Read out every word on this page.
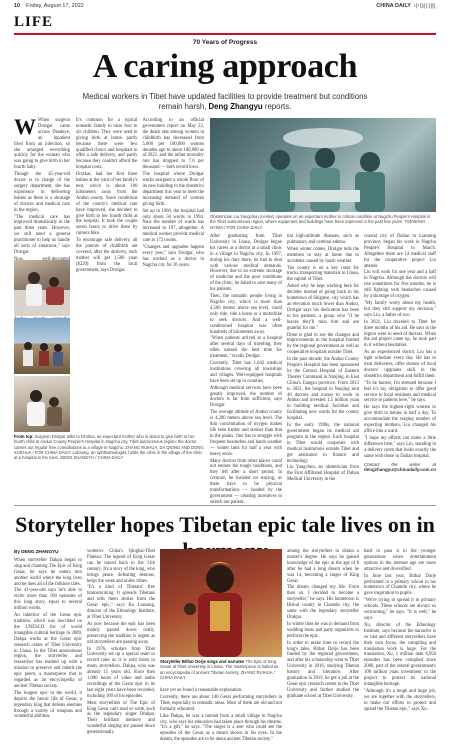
10 Friday, August 17, 2022	CHINA DAILY 中国日报
LIFE
70 Years of Progress
A caring approach
Medical workers in Tibet have updated facilities to provide treatment but conditions remain harsh, Deng Zhangyu reports.

W When surgeon Drolgar came across Deadeye, an inpatient fried from an infection, so she arranged everything quickly for the woman who was going to give birth to her fourth baby.

Though the 45-year-old doctor is in charge of the surgery department, she has experience in delivering babies as there is a shortage of doctors and medical care in the region.

"The medical care has improved dramatically in the past three years. However, we still need a general practitioner to help us handle all sorts of situations," says Drolgar.

From top: Surgeon Drolgar talks to Drolma, an expectant mother who is about to give birth to her fourth child at Anduo County People's Hospital in Nagchu city, Tibet autonomous region; the doctor carries out regular free consultations to a village in Nagchu. ZHANG RUIHUA, DA QIONG AND DONG XUEHUA / FOR CHINA DAILY; Lobsang, an ophthalmologist, holds the clinic in the village of the clinic at a hospital in the town. DENG ZHANGYU / CHINA DAILY

It's common for a typical nomadic family to raise four to six children. They were used to giving birth at home, partly because there were few qualified clinics and hospitals to offer a safe delivery, and partly because they couldn't afford the hospital costs.

Drolkar, had her first three babies at the yard of her family's tent, which is about 100 kilometers away from the Anduo county. Since conditions of the county's medical care have improved, she decided to give birth to her fourth child at the hospital. It took the couple seven hours to drive there by camera bike.

To encourage safe delivery, all the parents of childbirth are covered, after the delivery, each mother will get 1,500 yuan ($220) from the local government, says Drolgar.

According to an official government report on May 22, the death rate among women in childbirth has decreased from 5,000 per 100,000 women decades ago to about 180,000 as of 2021, and the infant mortality rate has dropped to 7.6 per thousand — both record lows.

The hospital where Drolgar works assigned a whole floor of its new building to the obstetrics department this year to meet the increasing demand of women giving birth.

Set up in 1960, the hospital had only about 50 words in 1994. Now the number of wards has increased to 107, altogether. A medical worker provide medical care at 172 rooms.

"Changes and upgrades happen every year," says Drolgar, who has worked as a doctor in Nagchu city for 26 years.

Obstetrician Liu Yangchun (center) operates on an expectant mother in critical condition at Nagchu People's Hospital in the Tibet autonomous region, where equipment and buildings have been improved in the past few years. TSEWANG NYIMA / FOR CHINA DAILY

After graduating from Tibet University in Lhasa, Drolgar began his career as a doctor at a small clinic in a village in Nagchu city. In 1997, during his duty there, he had to deal with various medical demands. However, due to an extreme shortage of medicine and the poor conditions of the clinic, he failed to save many of his patients.

Then, the nomadic people living in Nagchu city, which is more than 4,500 meters above sea level, could only ride, ride a horse or a motorbike to seek doctors. And a well-conditioned hospital was often hundreds of kilometers away.

"When patients arrived at a hospital after several days of traveling, they often missed the best time for treatment," recalls Drolgar.

Currently, Tibet has 1,642 medical institutions covering all townships and villages. Well-equipped hospitals have been set up in counties.

Although medical services have been greatly improved, the number of doctors is far from sufficient, says Drolgar.

The average altitude of Anduo county is 4,200 meters above sea level. The thin concentration of oxygen makes life here harder and sterner than that in the plains. One has to struggle with frequent headaches and harsh weather — winter lasts for half a year with heavy snow.

Many doctors from other places could not endure the tough conditions, and they left after a short period. In contrast, he insisted on staying, as there have to be physical transformations — headed by the government — creating incentives to stretch out patient.

tial high-altitude diseases, such as pulmonary and cerebral edema.

When winter comes, Drolgar tells the members to stay at home due to accidents caused by harsh weather.

The county is on a key route for trucks transporting materials to Lhasa, the capital of Tibet.

Asked why he kept working here for decades instead of going back to his hometown of Shigatse, city which has an elevation much lower than Anduo, Drolgar says his dedication has been to his patients, a group who "if he leaves they'll miss him and are grateful for me."

Done is glad to see the changes and improvements to the hospital funded by the regional government as well as cooperative hospitals outside Tibet.

In the past decade, the Anduo County People's Hospital has been sponsored by the Central Hospital of Eastern Theater Command in Nanjing, in East China's Jiangsu province. From 2013 to 2021, the hospital in Nanjing sent 40 doctors and nurses to work in Anduo and invested 1.5 million yuan in building medical facilities and facilitating new wards for the county hospital.

In the early 1990s, the national government began its medical aid program in the region. Each hospital in Tibet would cooperate with medical institutions outside Tibet and get assistance in finance and technology.

Liu Yangchun, an obstetrician from the First Affiliated Hospital of Dalian Medical University in the

coastal city of Dalian in Liaoning province, began his work in Nagchu People's Hospital in March. Altogether there are 14 medical staff for the cooperative project Liu attends.

Liu will work for one year and a half in Nagchu. Although the doctors will rise sometimes for five months, he is still fighting with headaches caused by a shortage of oxygen.

"My family worry about my health, but they still support my decision," says Liu, a father of two.

In 2021, Liu traveled to Tibet for three months of his aid. He says in the region were in need of doctors. When the aid project came up, he took part in it without hesitation.

As an experienced doctor, Liu has a tight schedule every day. He has to treat deliveries, offer dozens of local doctors' upgrades skill in the obstetrics department and fulfill them.

"To be honest, I'm stressed because I feel it's my obligation to offer good service to local residents and medical service to patients here," he says.

He says the highest-right women to give birth to babies in half a day. To accommodate the surging number of expecting mothers, Liu changed his office into a ward.

"I hope my efforts can make a little difference here," says Liu, standing in a delivery room that looks exactly the same with those in Dalian hospital.

Contact the writer at dengzhangyu@chinadaily.com.cn
Storyteller hopes Tibetan epic tale lives on in
By DENG ZHANGYU

When storyteller Dakpa began to sing and chanting The Epic of King Gesar, he says he enters into another world where the king lives and he does all of the folklore tales.

The 41-year-old says he's able to recite more than 100 episodes of this long story, equal to several million words.

An inheritor of the Gesar epic tradition, which was inscribed on the UNESCO list of world intangible cultural heritage in 2009, Dakpa works at the Gesar epic research center of Tibet University in Lhasa. In the Tibet autonomous region, the storyteller and researcher has teamed up with a mission to preserve and inherit the epic poem, a masterpiece that is regarded as an encyclopedia of ancient Tibetan society.

The longest epic in the world, it depicts the heroic life of Gesar, a legendary king that defeats enemies through a variety of weapons and wonderful abilities.

women's China's Qinghai-Tibet Plateau. The legend of King Gesar can be traced back to the 11th century. It's a story of the king, who brings peace, defeating demons, helps the weak and unites tribes.

"It's a kind of Tibetans' free brainstorming. It spreads Tibetans and tells them stories from the Gesar epic," says Ka Luosang, director of the Ethnology Institute, at Tibet University.

As now because the epic has been mainly passed down orally, preserving the tradition is urgent as old storytellers are passing away.

In 1976, scholars from Tibet University set up a special team to record tales as it is sold listen to many storytellers. Dakpa, who was already 11 years old, Since then 1,000 hours of video and audio recordings of the Gesar epic in its last eight years have been recorded, including 180 of his episodes.

Most storytellers of The Epic of King Gesar can't read or write, such as the legendary singer Drakpa. Their brilliant memory and wonderful singing are passed down generationally.

Storyteller Bithar Dorje sings and narrates The Epic of King Gesar at Tibet University in Lhasa. The masterpiece is hailed as an encyclopedia of ancient Tibetan society. ZHANG RUIHUA / CHINA DAILY

have yet on found a reasonable explanation.

Currently, there are about 140 Gesar performing storytellers in Tibet, especially in nomadic areas. Most of them are old and not formally educated.

Like Dakpa, he was a nomad from a small village in Nagchu city, who says his education had taken place through his dreams. "It's a gift," he says. "The singer is a seer who could see the episodes of the Gesar as a dream shown in his eyes. In the dream, the episodes are to be about ancient Tibetan society."

among the storytellers to obtain a master's degree. He says he gained knowledge of the epic at the age of 8 after he had a long dream when he was 14, becoming a singer of King Gesar.

The dream changed my life. From then on, I decided to become a storyteller," he says. His hometown is Bishui county in Chamdo city, the same with the legendary storyteller Drakpa.

In winter time he was in demand from wedding hosts and party organizers to perform the epic.

In order to make time to record the king's tales, Bithar Dorje has been funded by the regional government, and after his scholarship went to Tibet University in 2016, studying Tibetan history and literature. After graduation in 2019, he got a job at the Gesar epic research center in the Tibet University and further studied the graduate school at Tibet University.

hard to pass it to the younger generations when entertainment options in the internet age are more attractive and diversified.

In June last year, Bithar Dorje performed in a primary school in his hometown of Chamdo city, where he gave inspiration to pupils.

"We're trying to spread it to primary schools. These schools are always so welcoming," he says. "It is well," he says.

Xu, director of the Ethnology Institute, says because the narrative is so vast and different storytellers have their own focus, the compiling and translation work is huge. For the translation, Xu, 1 million man 6,950 episodes has been compiled since 2000, part of the central government's 100 million yuan investment in the project to protect its national intangible heritage.

"Although it's a tough and huge job, we are together with the storytellers, to make our efforts to protect and spread the Tibetan epic," says Xu.
